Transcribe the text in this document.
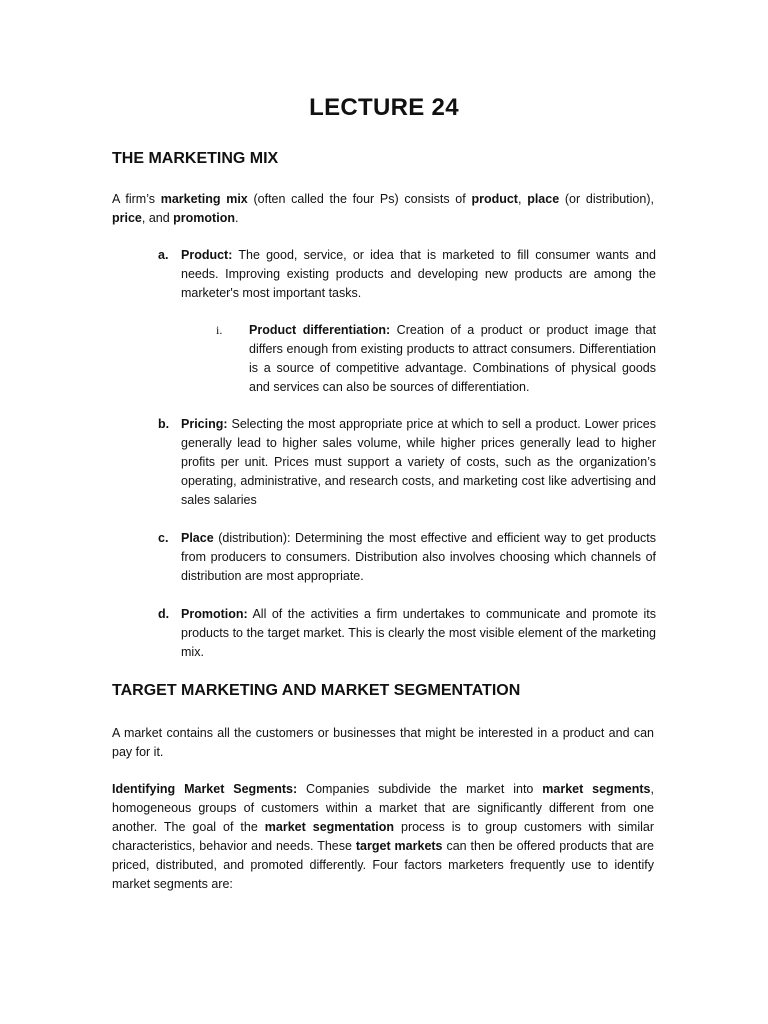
LECTURE 24
THE MARKETING MIX

A firm’s marketing mix (often called the four Ps) consists of product, place (or distribution), price, and promotion.

a. Product: The good, service, or idea that is marketed to fill consumer wants and needs. Improving existing products and developing new products are among the marketer's most important tasks.
i. Product differentiation: Creation of a product or product image that differs enough from existing products to attract consumers. Differentiation is a source of competitive advantage. Combinations of physical goods and services can also be sources of differentiation.
b. Pricing: Selecting the most appropriate price at which to sell a product. Lower prices generally lead to higher sales volume, while higher prices generally lead to higher profits per unit. Prices must support a variety of costs, such as the organization’s operating, administrative, and research costs, and marketing cost like advertising and sales salaries
c. Place (distribution): Determining the most effective and efficient way to get products from producers to consumers. Distribution also involves choosing which channels of distribution are most appropriate.
d. Promotion: All of the activities a firm undertakes to communicate and promote its products to the target market. This is clearly the most visible element of the marketing mix.
TARGET MARKETING AND MARKET SEGMENTATION

A market contains all the customers or businesses that might be interested in a product and can pay for it.

Identifying Market Segments: Companies subdivide the market into market segments, homogeneous groups of customers within a market that are significantly different from one another. The goal of the market segmentation process is to group customers with similar characteristics, behavior and needs. These target markets can then be offered products that are priced, distributed, and promoted differently. Four factors marketers frequently use to identify market segments are:
